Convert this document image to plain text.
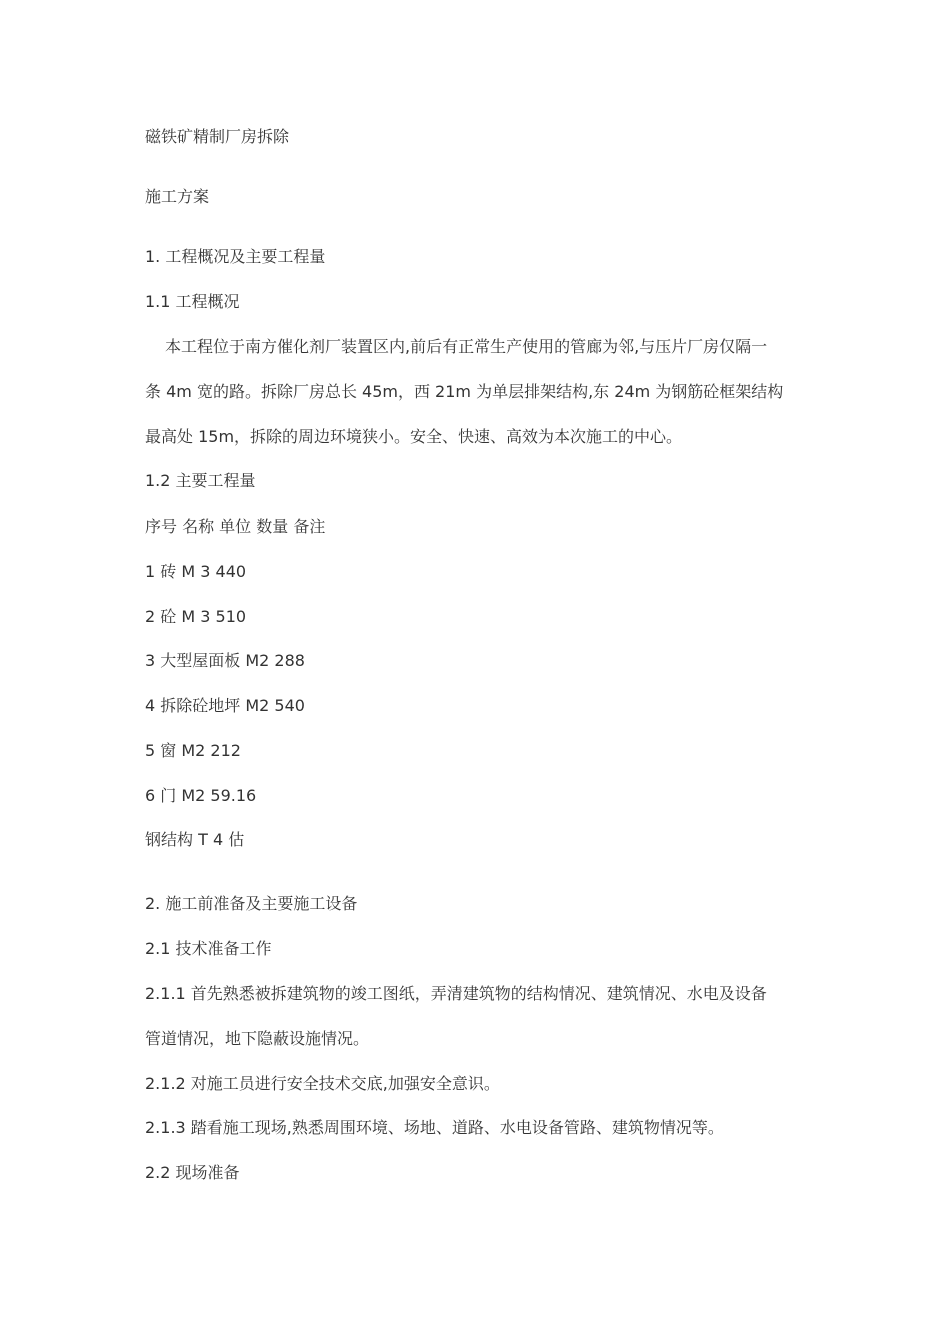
磁铁矿精制厂房拆除
施工方案
1. 工程概况及主要工程量
1.1 工程概况
本工程位于南方催化剂厂装置区内,前后有正常生产使用的管廊为邻,与压片厂房仅隔一
条 4m 宽的路。拆除厂房总长 45m，西 21m 为单层排架结构,东 24m 为钢筋砼框架结构
最高处 15m，拆除的周边环境狭小。安全、快速、高效为本次施工的中心。
1.2 主要工程量
序号 名称 单位 数量 备注
1 砖 M 3 440
2 砼 M 3 510
3 大型屋面板 M2 288
4 拆除砼地坪 M2 540
5 窗 M2 212
6 门 M2 59.16
钢结构 T 4 估
2. 施工前准备及主要施工设备
2.1 技术准备工作
2.1.1 首先熟悉被拆建筑物的竣工图纸，弄清建筑物的结构情况、建筑情况、水电及设备
管道情况，地下隐蔽设施情况。
2.1.2 对施工员进行安全技术交底,加强安全意识。
2.1.3 踏看施工现场,熟悉周围环境、场地、道路、水电设备管路、建筑物情况等。
2.2 现场准备
